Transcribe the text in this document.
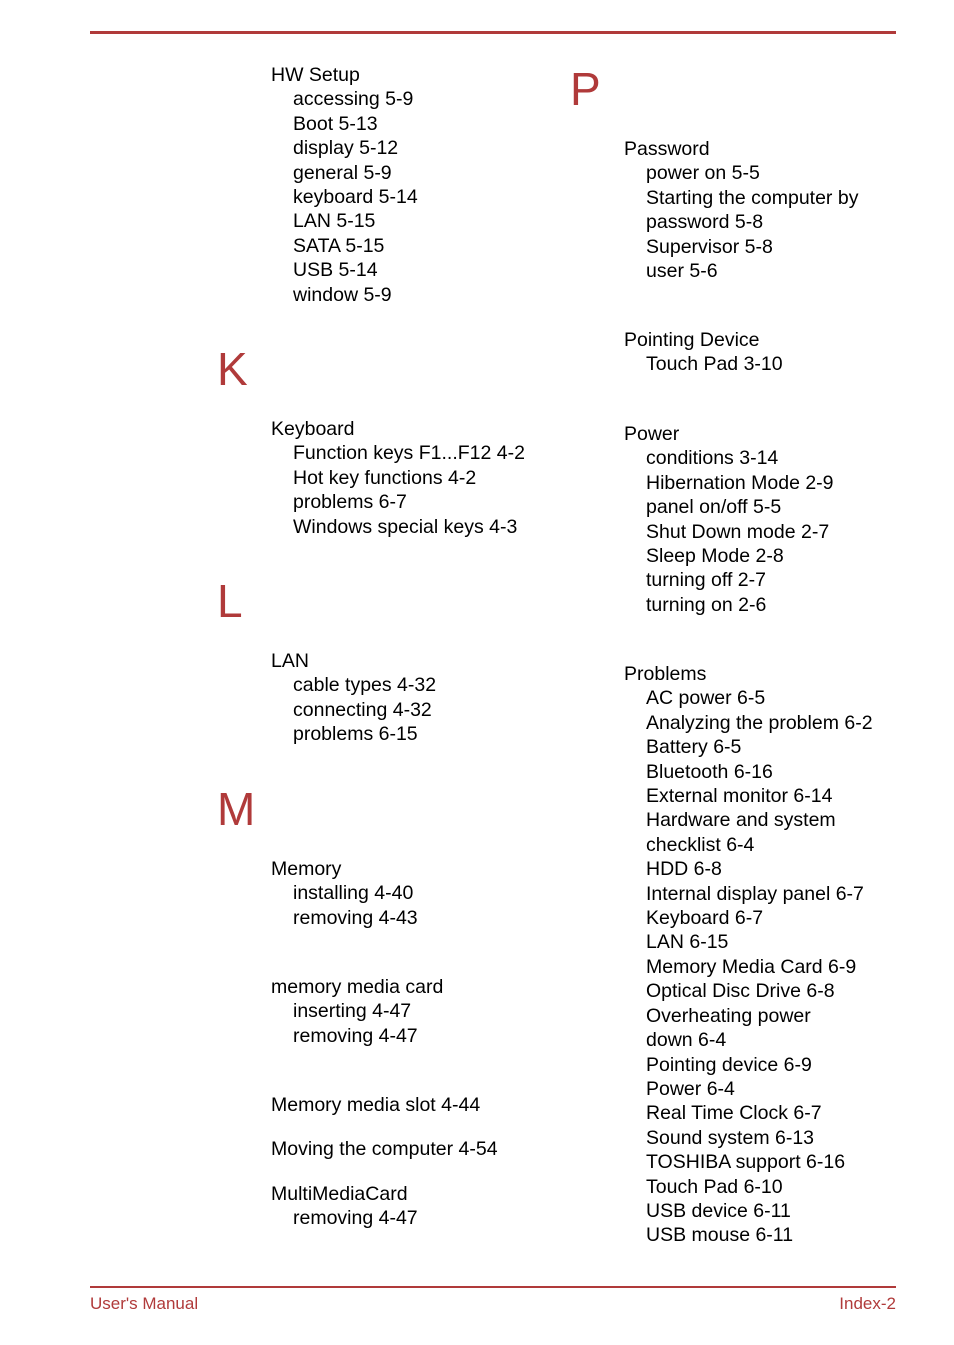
HW Setup
accessing 5-9
Boot 5-13
display 5-12
general 5-9
keyboard 5-14
LAN 5-15
SATA 5-15
USB 5-14
window 5-9
K
Keyboard
Function keys F1...F12 4-2
Hot key functions 4-2
problems 6-7
Windows special keys 4-3
L
LAN
cable types 4-32
connecting 4-32
problems 6-15
M
Memory
installing 4-40
removing 4-43
memory media card
inserting 4-47
removing 4-47
Memory media slot 4-44
Moving the computer 4-54
MultiMediaCard
removing 4-47
P
Password
power on 5-5
Starting the computer by
password 5-8
Supervisor 5-8
user 5-6
Pointing Device
Touch Pad 3-10
Power
conditions 3-14
Hibernation Mode 2-9
panel on/off 5-5
Shut Down mode 2-7
Sleep Mode 2-8
turning off 2-7
turning on 2-6
Problems
AC power 6-5
Analyzing the problem 6-2
Battery 6-5
Bluetooth 6-16
External monitor 6-14
Hardware and system
checklist 6-4
HDD 6-8
Internal display panel 6-7
Keyboard 6-7
LAN 6-15
Memory Media Card 6-9
Optical Disc Drive 6-8
Overheating power
down 6-4
Pointing device 6-9
Power 6-4
Real Time Clock 6-7
Sound system 6-13
TOSHIBA support 6-16
Touch Pad 6-10
USB device 6-11
USB mouse 6-11
User's Manual	Index-2
